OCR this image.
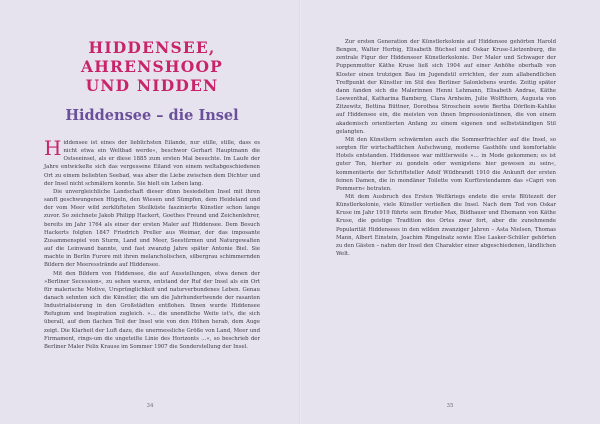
HIDDENSEE,
AHRENSHOOP
UND NIDDEN
Hiddensee – die Insel

Hiddensee ist eines der lieblichsten Eilande, nur stille, stille, dass es nicht etwa ein Weltbad werde«, beschwor Gerhart Hauptmann die Ostseeinsel, als er diese 1885 zum ersten Mal besuchte. Im Laufe der Jahre entwickelte sich das vergessene Eiland von einem weltabgeschiedenen Ort zu einem beliebten Seebad, was aber die Liebe zwischen dem Dichter und der Insel nicht schmälern konnte. Sie hielt ein Leben lang.

Die unvergleichliche Landschaft dieser dünn besiedelten Insel mit ihren sanft geschwungenen Hügeln, den Wiesen und Sümpfen, dem Heideland und der vom Meer wild zerklüfteten Steilküste faszinierte Künstler schon lange zuvor. So zeichnete Jakob Philipp Hackert, Goethes Freund und Zeichenlehrer, bereits im Jahr 1764 als einer der ersten Maler auf Hiddensee. Dem Besuch Hackerts folgten 1847 Friedrich Preller aus Weimar, der das imposante Zusammenspiel von Sturm, Land und Meer, Seestürmen und Naturgewalten auf die Leinwand bannte, und fast zwanzig Jahre später Antonie Biel. Sie machte in Berlin Furore mit ihren melancholischen, silbergrau schimmernden Bildern der Meeresstrände auf Hiddensee.

Mit den Bildern von Hiddensee, die auf Ausstellungen, etwa denen der »Berliner Secession«, zu sehen waren, entstand der Ruf der Insel als ein Ort für malerische Motive, Ursprünglichkeit und naturverbundenes Leben. Genau danach sehnten sich die Künstler, die um die Jahrhundertwende der rasanten Industrialisierung in den Großstädten entflohen. Ihnen wurde Hiddensee Refugium und Inspiration zugleich. »… die unendliche Weite ist's, die sich überall, auf dem flachen Teil der Insel wie von den Höhen herab, dem Auge zeigt. Die Klarheit der Luft dazu, die unermessliche Größe von Land, Meer und Firmament, rings-um die ungeteilte Linie des Horizonts …«, so beschrieb der Berliner Maler Felix Krause im Sommer 1907 die Sonderstellung der Insel.

34

Zur ersten Generation der Künstlerkolonie auf Hiddensee gehörten Harold Bengen, Walter Herbig, Elisabeth Büchsel und Oskar Kruse-Lietzenburg, die zentrale Figur der Hiddenseer Künstlerkolonie. Der Maler und Schwager der Puppenmutter Käthe Kruse ließ sich 1904 auf einer Anhöhe oberhalb von Kloster einen trutzigen Bau im Jugendstil errichten, der zum allabendlichen Treffpunkt der Künstler im Stil des Berliner Salonlebens wurde. Zeitig später dann fanden sich die Malerinnen Henni Lehmann, Elisabeth Andrae, Käthe Loewenthal, Katharina Bamberg, Clara Arnheim, Julie Wolfthorn, Augusta von Zitzewitz, Bettina Büttner, Dorothea Stroschein sowie Bertha Dörflein-Kahlke auf Hiddensee ein, die meisten von ihnen Impressionistinnen, die von einem akademisch orientierten Anfang zu einem eigenen und selbstständigen Stil gelangten.

Mit den Künstlern schwärmten auch die Sommerfrischler auf die Insel, so sorgten für wirtschaftlichen Aufschwung, moderne Gasthöfe und komfortable Hotels entstanden. Hiddensee war mittlerweile »… in Mode gekommen; es ist guter Ton, hierher zu gondeln oder wenigstens hier gewesen zu sein«, kommentierte der Schriftsteller Adolf Wildbrandt 1910 die Ankunft der ersten feinen Damen, die in mondäner Toilette vom Kurfürstendamm das »Capri von Pommern« betraten.

Mit dem Ausbruch des Ersten Weltkriegs endete die erste Blütezeit der Künstlerkolonie, viele Künstler verließen die Insel. Nach dem Tod von Oskar Kruse im Jahr 1919 führte sein Bruder Max, Bildhauer und Ehemann von Käthe Kruse, die geistige Tradition des Ortes zwar fort, aber die zunehmende Popularität Hiddensees in den wilden zwanziger Jahren – Asta Nielsen, Thomas Mann, Albert Einstein, Joachim Ringelnatz sowie Else Lasker-Schüler gehörten zu den Gästen – nahm der Insel den Charakter einer abgeschiedenen, ländlichen Welt.

35
